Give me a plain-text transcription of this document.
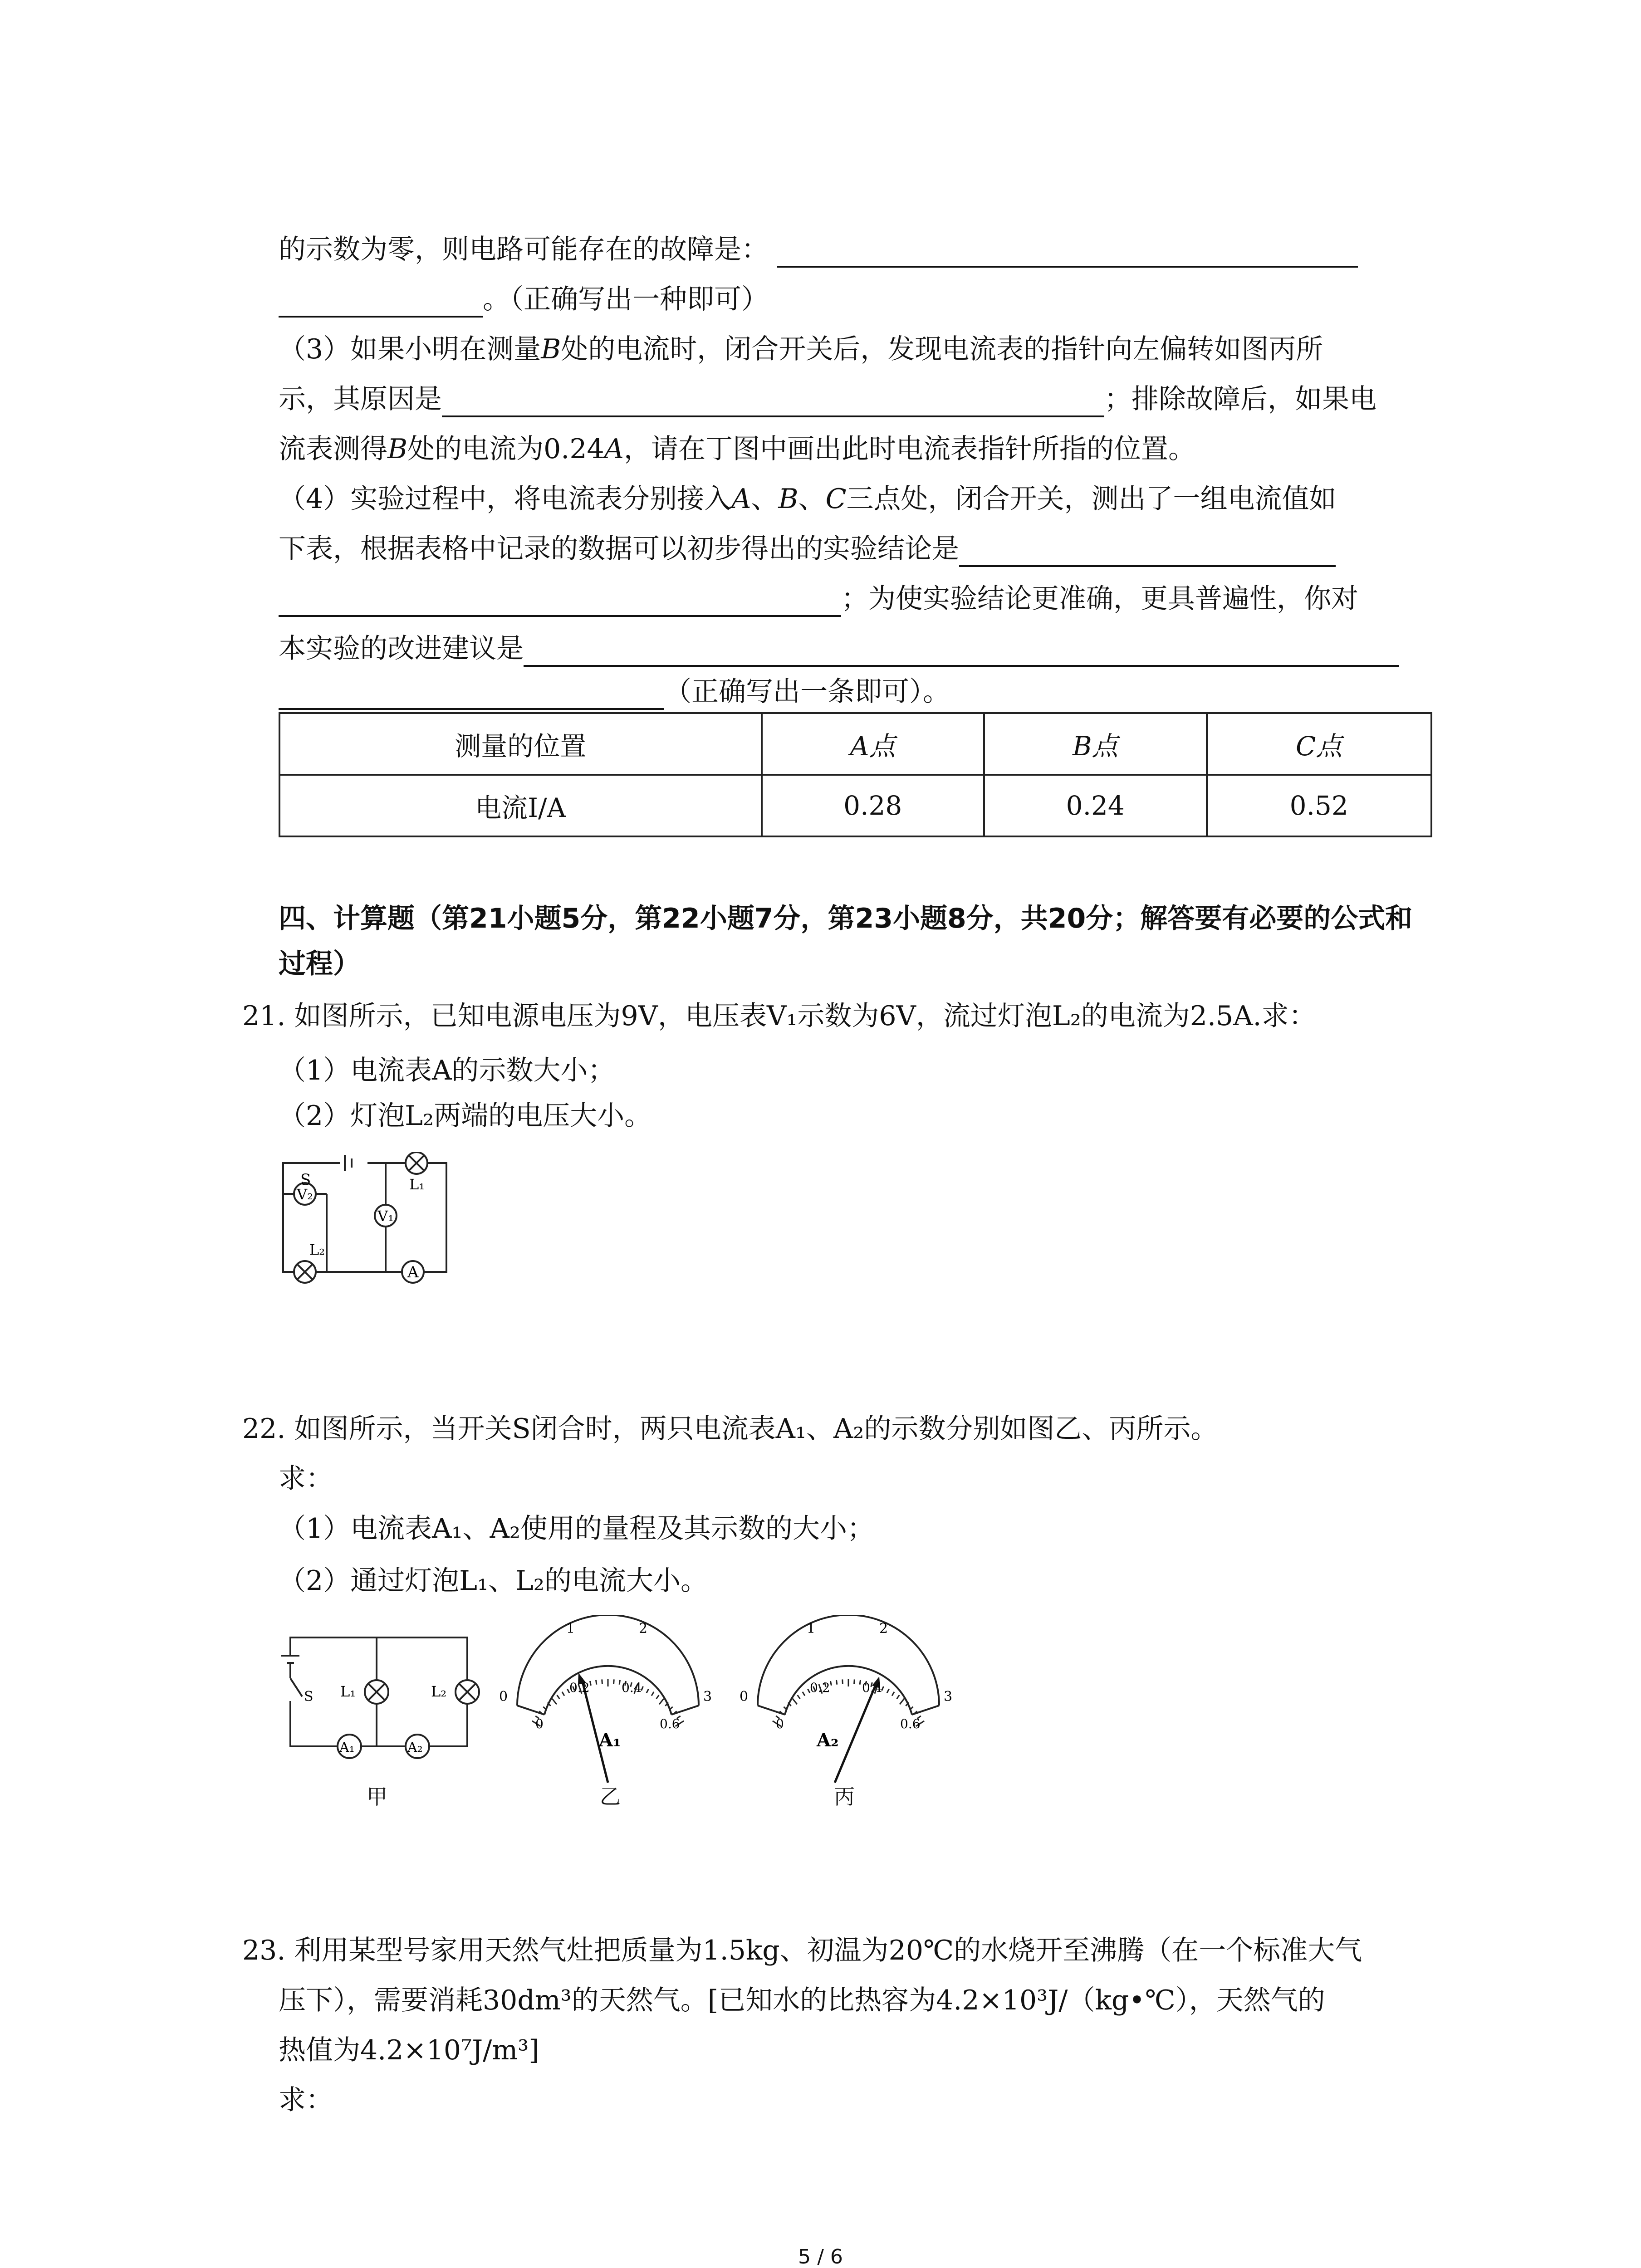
的示数为零，则电路可能存在的故障是：
。（正确写出一种即可）
（3）如果小明在测量B处的电流时，闭合开关后，发现电流表的指针向左偏转如图丙所
示，其原因是	；排除故障后，如果电
流表测得B处的电流为0.24A，请在丁图中画出此时电流表指针所指的位置。
（4）实验过程中，将电流表分别接入A、B、C三点处，闭合开关，测出了一组电流值如
下表，根据表格中记录的数据可以初步得出的实验结论是
；为使实验结论更准确，更具普遍性，你对
本实验的改进建议是
（正确写出一条即可）。
测量的位置	A点	B点	C点
电流I/A	0.28	0.24	0.52
四、计算题（第21小题5分，第22小题7分，第23小题8分，共20分；解答要有必要的公式和
过程）
21. 如图所示，已知电源电压为9V，电压表V₁示数为6V，流过灯泡L₂的电流为2.5A.求：
（1）电流表A的示数大小；
（2）灯泡L₂两端的电压大小。
S
V₂
V₁
L₁
L₂
A
22. 如图所示，当开关S闭合时，两只电流表A₁、A₂的示数分别如图乙、丙所示。
求：
（1）电流表A₁、A₂使用的量程及其示数的大小；
（2）通过灯泡L₁、L₂的电流大小。
S L₁	L₂
A₁	A₂
0
1	2
3
0
0.2	0.4
0.6
A₁
0
1	2
3
0
0.2	0.4
0.6
A₂
甲	乙	丙
23. 利用某型号家用天然气灶把质量为1.5kg、初温为20℃的水烧开至沸腾（在一个标准大气
压下），需要消耗30dm³的天然气。[已知水的比热容为4.2×10³J/（kg•℃），天然气的
热值为4.2×10⁷J/m³]
求：
5 / 6
